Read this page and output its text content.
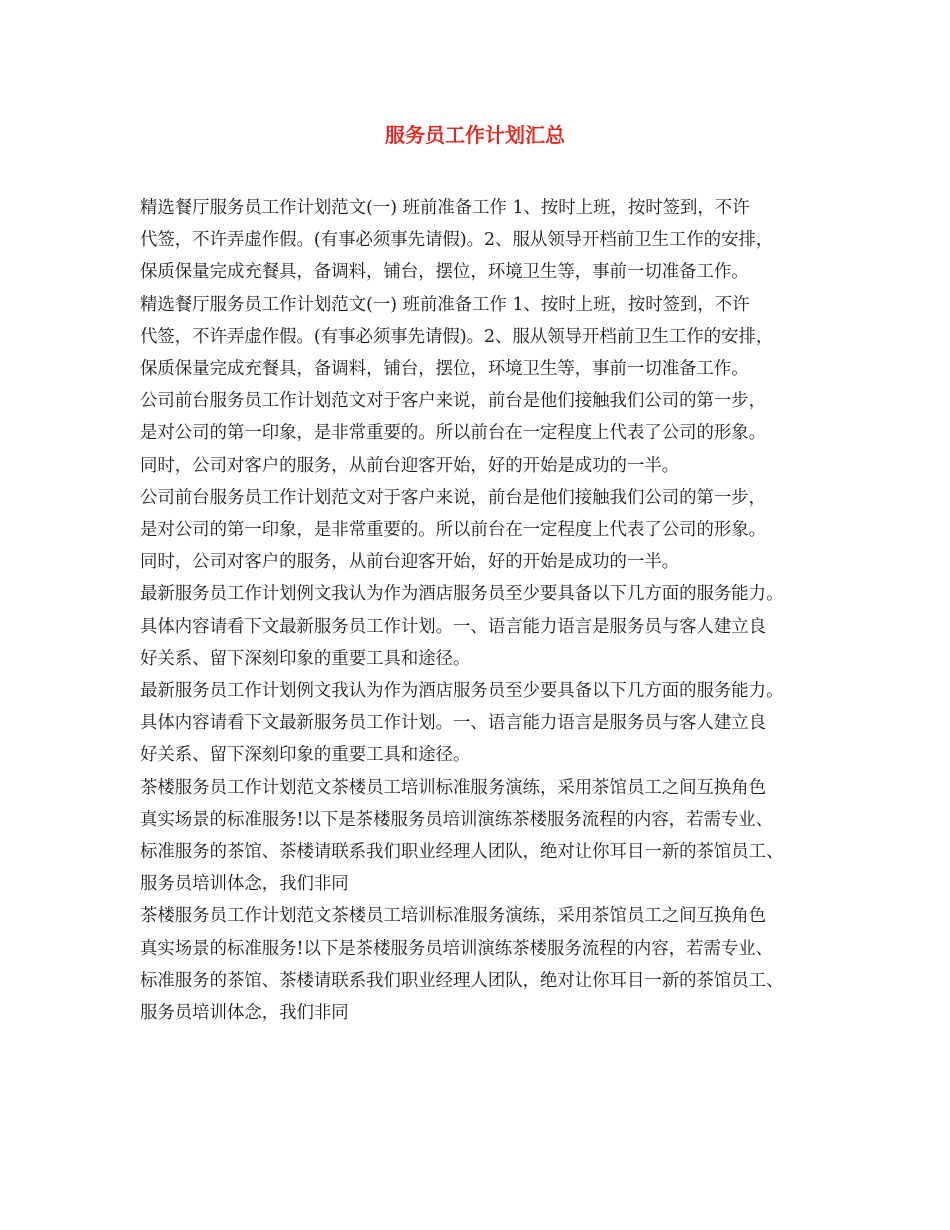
服务员工作计划汇总

精选餐厅服务员工作计划范文(一) 班前准备工作 1、按时上班，按时签到，不许
代签，不许弄虚作假。(有事必须事先请假)。2、服从领导开档前卫生工作的安排，
保质保量完成充餐具，备调料，铺台，摆位，环境卫生等，事前一切准备工作。

精选餐厅服务员工作计划范文(一) 班前准备工作 1、按时上班，按时签到，不许
代签，不许弄虚作假。(有事必须事先请假)。2、服从领导开档前卫生工作的安排，
保质保量完成充餐具，备调料，铺台，摆位，环境卫生等，事前一切准备工作。

公司前台服务员工作计划范文对于客户来说，前台是他们接触我们公司的第一步，
是对公司的第一印象，是非常重要的。所以前台在一定程度上代表了公司的形象。
同时，公司对客户的服务，从前台迎客开始，好的开始是成功的一半。

公司前台服务员工作计划范文对于客户来说，前台是他们接触我们公司的第一步，
是对公司的第一印象，是非常重要的。所以前台在一定程度上代表了公司的形象。
同时，公司对客户的服务，从前台迎客开始，好的开始是成功的一半。

最新服务员工作计划例文我认为作为酒店服务员至少要具备以下几方面的服务能力。
具体内容请看下文最新服务员工作计划。一、语言能力语言是服务员与客人建立良
好关系、留下深刻印象的重要工具和途径。

最新服务员工作计划例文我认为作为酒店服务员至少要具备以下几方面的服务能力。
具体内容请看下文最新服务员工作计划。一、语言能力语言是服务员与客人建立良
好关系、留下深刻印象的重要工具和途径。

茶楼服务员工作计划范文茶楼员工培训标准服务演练，采用茶馆员工之间互换角色
真实场景的标准服务!以下是茶楼服务员培训演练茶楼服务流程的内容，若需专业、
标准服务的茶馆、茶楼请联系我们职业经理人团队，绝对让你耳目一新的茶馆员工、
服务员培训体念，我们非同

茶楼服务员工作计划范文茶楼员工培训标准服务演练，采用茶馆员工之间互换角色
真实场景的标准服务!以下是茶楼服务员培训演练茶楼服务流程的内容，若需专业、
标准服务的茶馆、茶楼请联系我们职业经理人团队，绝对让你耳目一新的茶馆员工、
服务员培训体念，我们非同
